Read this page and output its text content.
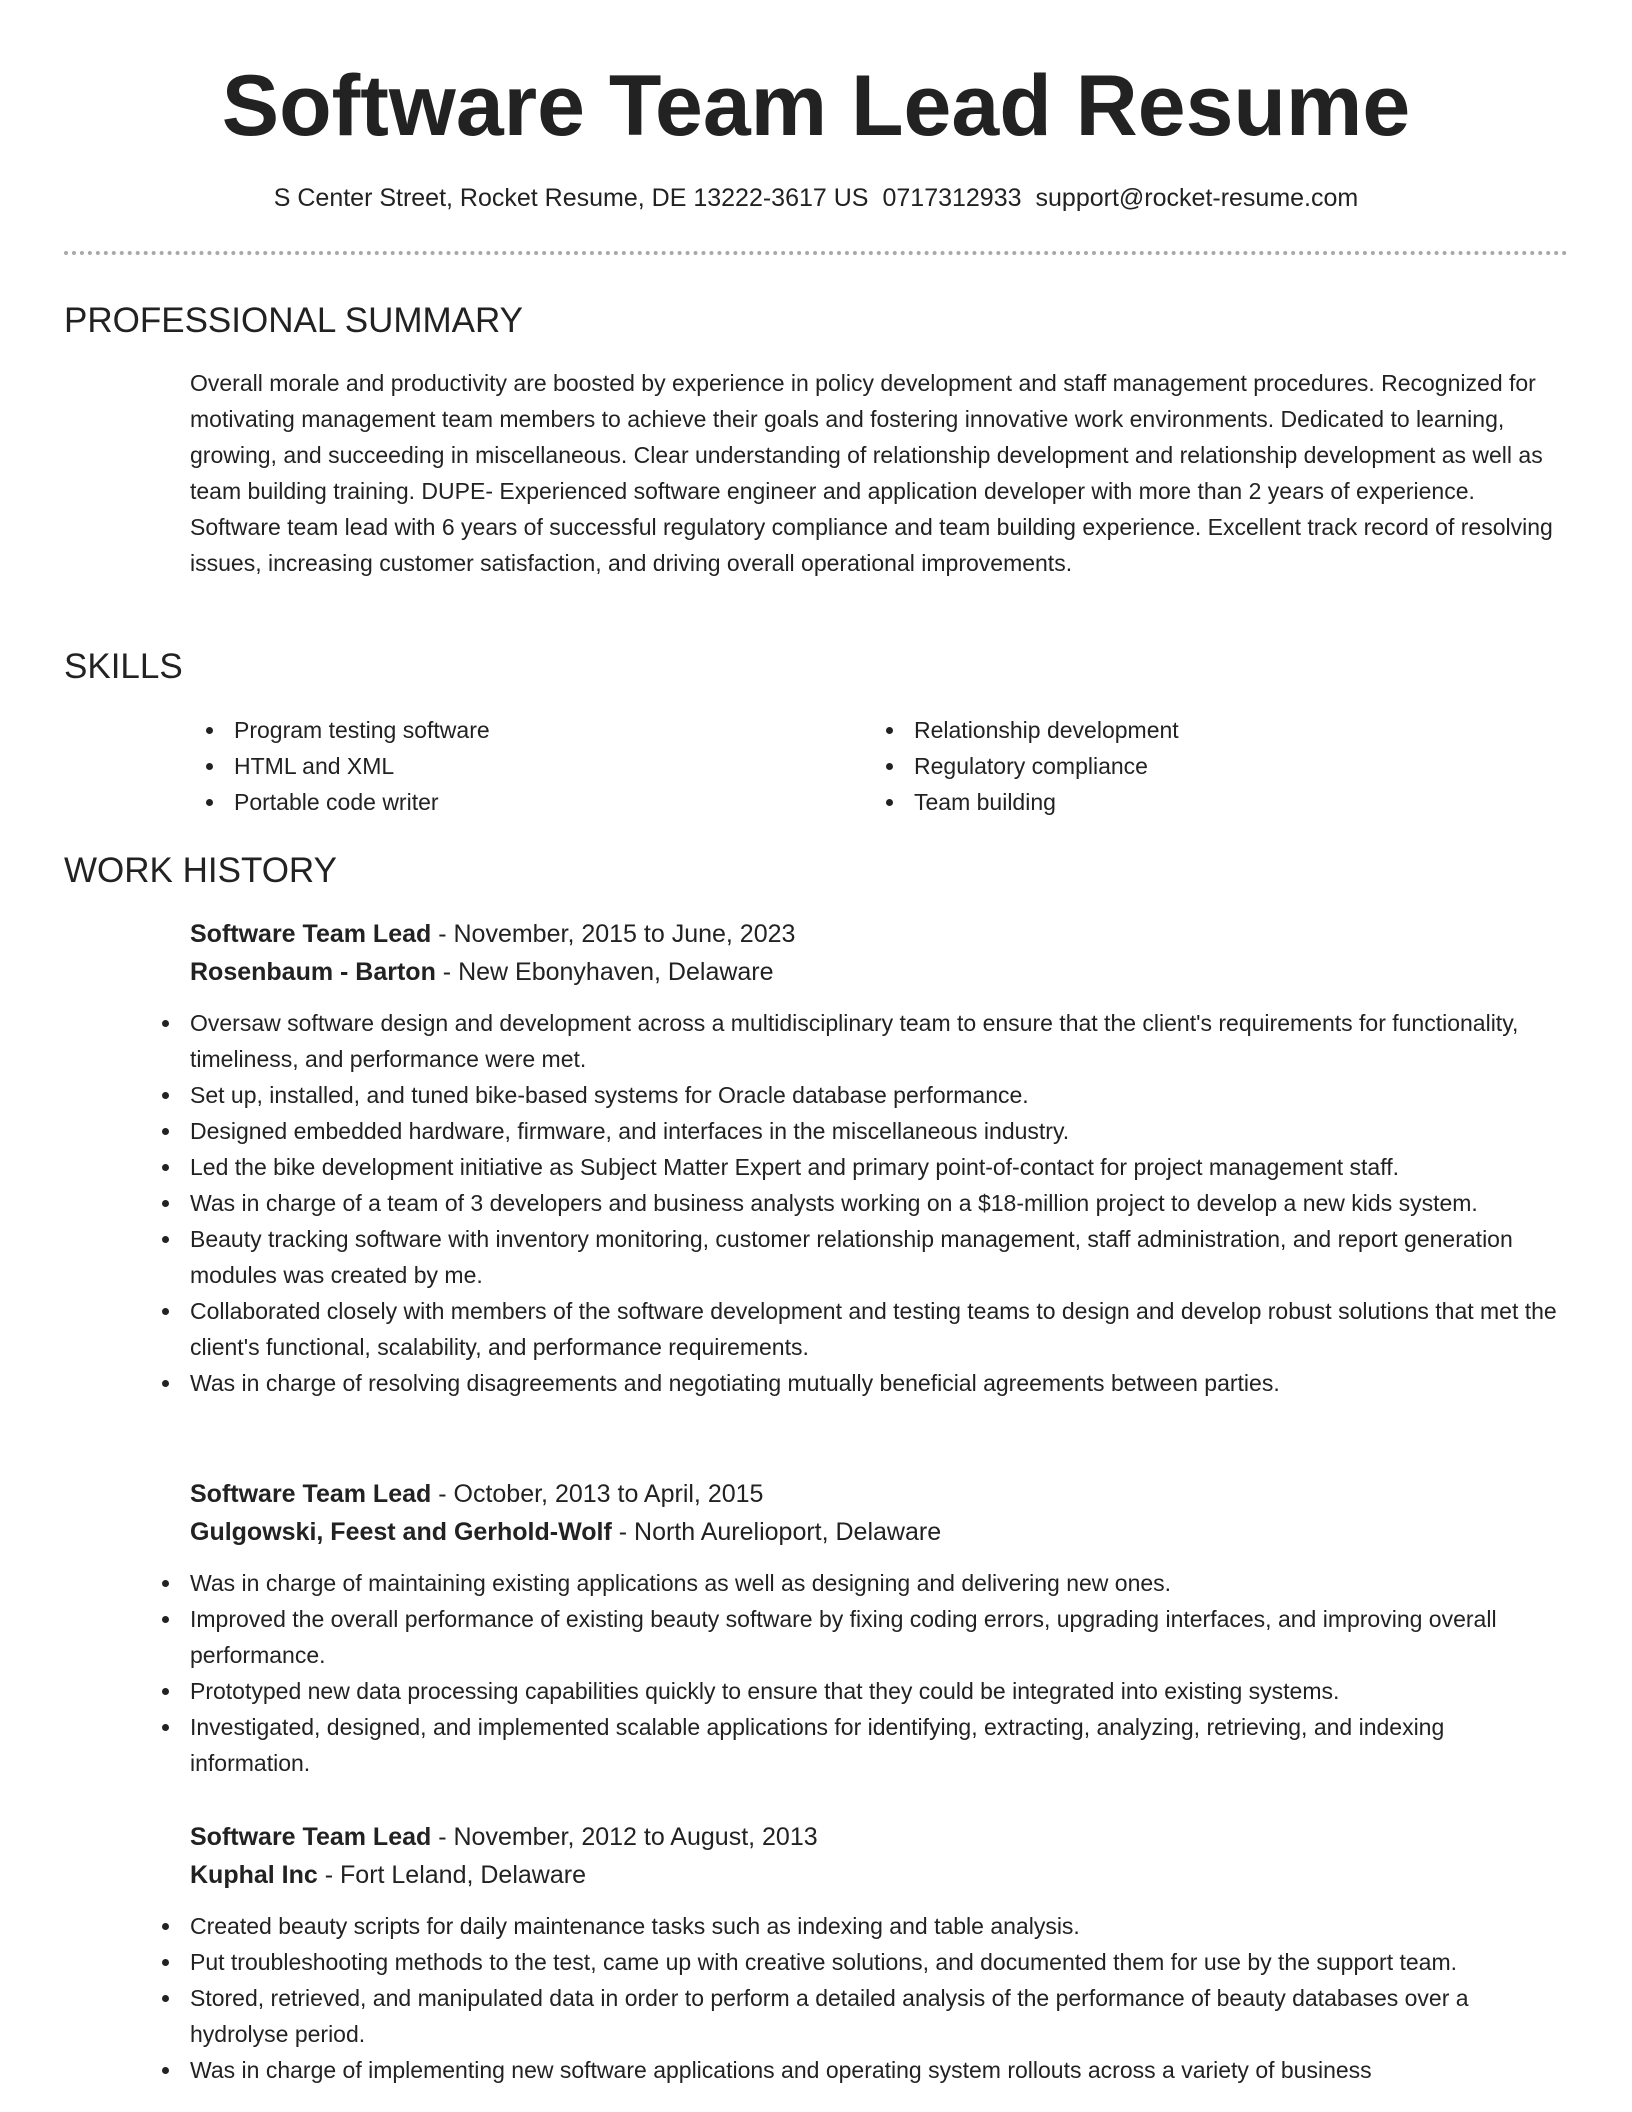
Software Team Lead Resume
S Center Street, Rocket Resume, DE 13222-3617 US 0717312933 support@rocket-resume.com
PROFESSIONAL SUMMARY

Overall morale and productivity are boosted by experience in policy development and staff management procedures. Recognized for motivating management team members to achieve their goals and fostering innovative work environments. Dedicated to learning, growing, and succeeding in miscellaneous. Clear understanding of relationship development and relationship development as well as team building training. DUPE- Experienced software engineer and application developer with more than 2 years of experience. Software team lead with 6 years of successful regulatory compliance and team building experience. Excellent track record of resolving issues, increasing customer satisfaction, and driving overall operational improvements.

SKILLS
Program testing software
HTML and XML
Portable code writer
Relationship development
Regulatory compliance
Team building
WORK HISTORY

Software Team Lead - November, 2015 to June, 2023

Rosenbaum - Barton - New Ebonyhaven, Delaware

Oversaw software design and development across a multidisciplinary team to ensure that the client's requirements for functionality, timeliness, and performance were met.
Set up, installed, and tuned bike-based systems for Oracle database performance.
Designed embedded hardware, firmware, and interfaces in the miscellaneous industry.
Led the bike development initiative as Subject Matter Expert and primary point-of-contact for project management staff.
Was in charge of a team of 3 developers and business analysts working on a $18-million project to develop a new kids system.
Beauty tracking software with inventory monitoring, customer relationship management, staff administration, and report generation modules was created by me.
Collaborated closely with members of the software development and testing teams to design and develop robust solutions that met the client's functional, scalability, and performance requirements.
Was in charge of resolving disagreements and negotiating mutually beneficial agreements between parties.

Software Team Lead - October, 2013 to April, 2015

Gulgowski, Feest and Gerhold-Wolf - North Aurelioport, Delaware

Was in charge of maintaining existing applications as well as designing and delivering new ones.
Improved the overall performance of existing beauty software by fixing coding errors, upgrading interfaces, and improving overall performance.
Prototyped new data processing capabilities quickly to ensure that they could be integrated into existing systems.
Investigated, designed, and implemented scalable applications for identifying, extracting, analyzing, retrieving, and indexing information.

Software Team Lead - November, 2012 to August, 2013

Kuphal Inc - Fort Leland, Delaware

Created beauty scripts for daily maintenance tasks such as indexing and table analysis.
Put troubleshooting methods to the test, came up with creative solutions, and documented them for use by the support team.
Stored, retrieved, and manipulated data in order to perform a detailed analysis of the performance of beauty databases over a hydrolyse period.
Was in charge of implementing new software applications and operating system rollouts across a variety of business
